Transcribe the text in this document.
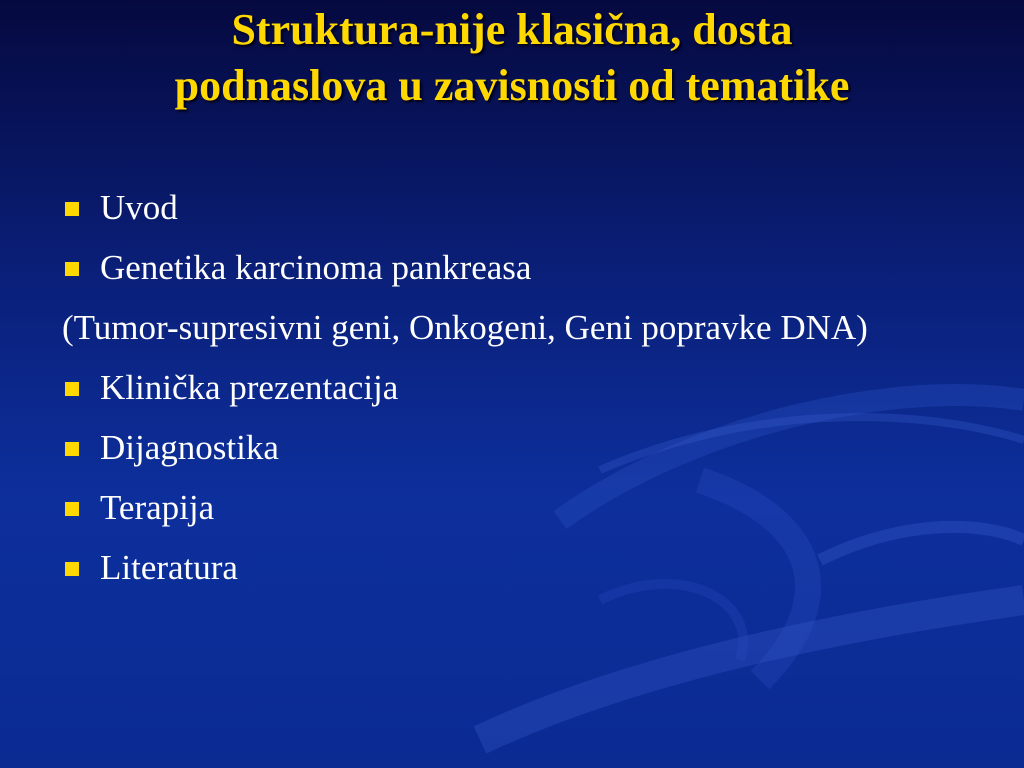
Struktura-nije klasična, dosta
podnaslova u zavisnosti od tematike
Uvod
Genetika karcinoma pankreasa
(Tumor-supresivni geni, Onkogeni, Geni popravke DNA)
Klinička prezentacija
Dijagnostika
Terapija
Literatura
